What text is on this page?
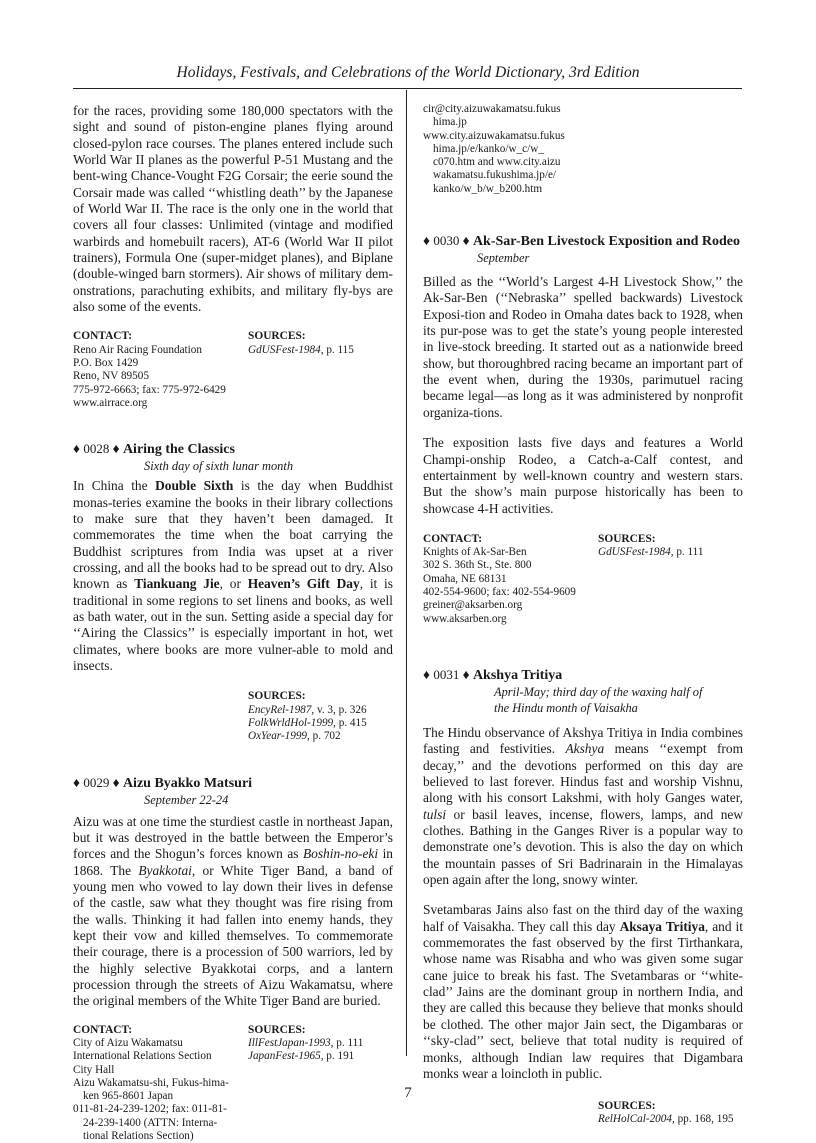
Holidays, Festivals, and Celebrations of the World Dictionary, 3rd Edition

for the races, providing some 180,000 spectators with the sight and sound of piston-engine planes flying around closed-pylon race courses. The planes entered include such World War II planes as the powerful P-51 Mustang and the bent-wing Chance-Vought F2G Corsair; the eerie sound the Corsair made was called ‘‘whistling death’’ by the Japanese of World War II. The race is the only one in the world that covers all four classes: Unlimited (vintage and modified warbirds and homebuilt racers), AT-6 (World War II pilot trainers), Formula One (super-midget planes), and Biplane (double-winged barn stormers). Air shows of military dem-onstrations, parachuting exhibits, and military fly-bys are also some of the events.

CONTACT:
Reno Air Racing Foundation
P.O. Box 1429
Reno, NV 89505
775-972-6663; fax: 775-972-6429
www.airrace.org
SOURCES:
GdUSFest-1984, p. 115
♦ 0028 ♦ Airing the Classics
Sixth day of sixth lunar month

In China the Double Sixth is the day when Buddhist monas-teries examine the books in their library collections to make sure that they haven’t been damaged. It commemorates the time when the boat carrying the Buddhist scriptures from India was upset at a river crossing, and all the books had to be spread out to dry. Also known as Tiankuang Jie, or Heaven’s Gift Day, it is traditional in some regions to set linens and books, as well as bath water, out in the sun. Setting aside a special day for ‘‘Airing the Classics’’ is especially important in hot, wet climates, where books are more vulner-able to mold and insects.

SOURCES:
EncyRel-1987, v. 3, p. 326
FolkWrldHol-1999, p. 415
OxYear-1999, p. 702
♦ 0029 ♦ Aizu Byakko Matsuri
September 22-24

Aizu was at one time the sturdiest castle in northeast Japan, but it was destroyed in the battle between the Emperor’s forces and the Shogun’s forces known as Boshin-no-eki in 1868. The Byakkotai, or White Tiger Band, a band of young men who vowed to lay down their lives in defense of the castle, saw what they thought was fire rising from the walls. Thinking it had fallen into enemy hands, they kept their vow and killed themselves. To commemorate their courage, there is a procession of 500 warriors, led by the highly selective Byakkotai corps, and a lantern procession through the streets of Aizu Wakamatsu, where the original members of the White Tiger Band are buried.

CONTACT:
City of Aizu Wakamatsu
International Relations Section
City Hall
Aizu Wakamatsu-shi, Fukus-hima-ken 965-8601 Japan
011-81-24-239-1202; fax: 011-81-24-239-1400 (ATTN: Interna-tional Relations Section)
SOURCES:
IllFestJapan-1993, p. 111
JapanFest-1965, p. 191
cir@city.aizuwakamatsu.fukus hima.jp
www.city.aizuwakamatsu.fukus hima.jp/e/kanko/w_c/w_ c070.htm and www.city.aizu wakamatsu.fukushima.jp/e/ kanko/w_b/w_b200.htm
♦ 0030 ♦ Ak-Sar-Ben Livestock Exposition and Rodeo
September

Billed as the ‘‘World’s Largest 4-H Livestock Show,’’ the Ak-Sar-Ben (‘‘Nebraska’’ spelled backwards) Livestock Exposi-tion and Rodeo in Omaha dates back to 1928, when its pur-pose was to get the state’s young people interested in live-stock breeding. It started out as a nationwide breed show, but thoroughbred racing became an important part of the event when, during the 1930s, parimutuel racing became legal—as long as it was administered by nonprofit organiza-tions.

The exposition lasts five days and features a World Champi-onship Rodeo, a Catch-a-Calf contest, and entertainment by well-known country and western stars. But the show’s main purpose historically has been to showcase 4-H activities.

CONTACT:
Knights of Ak-Sar-Ben
302 S. 36th St., Ste. 800
Omaha, NE 68131
402-554-9600; fax: 402-554-9609
greiner@aksarben.org
www.aksarben.org
SOURCES:
GdUSFest-1984, p. 111
♦ 0031 ♦ Akshya Tritiya
April-May; third day of the waxing half of
the Hindu month of Vaisakha

The Hindu observance of Akshya Tritiya in India combines fasting and festivities. Akshya means ‘‘exempt from decay,’’ and the devotions performed on this day are believed to last forever. Hindus fast and worship Vishnu, along with his consort Lakshmi, with holy Ganges water, tulsi or basil leaves, incense, flowers, lamps, and new clothes. Bathing in the Ganges River is a popular way to demonstrate one’s devotion. This is also the day on which the mountain passes of Sri Badrinarain in the Himalayas open again after the long, snowy winter.

Svetambaras Jains also fast on the third day of the waxing half of Vaisakha. They call this day Aksaya Tritiya, and it commemorates the fast observed by the first Tirthankara, whose name was Risabha and who was given some sugar cane juice to break his fast. The Svetambaras or ‘‘white-clad’’ Jains are the dominant group in northern India, and they are called this because they believe that monks should be clothed. The other major Jain sect, the Digambaras or ‘‘sky-clad’’ sect, believe that total nudity is required of monks, although Indian law requires that Digambara monks wear a loincloth in public.

SOURCES:
RelHolCal-2004, pp. 168, 195
7
